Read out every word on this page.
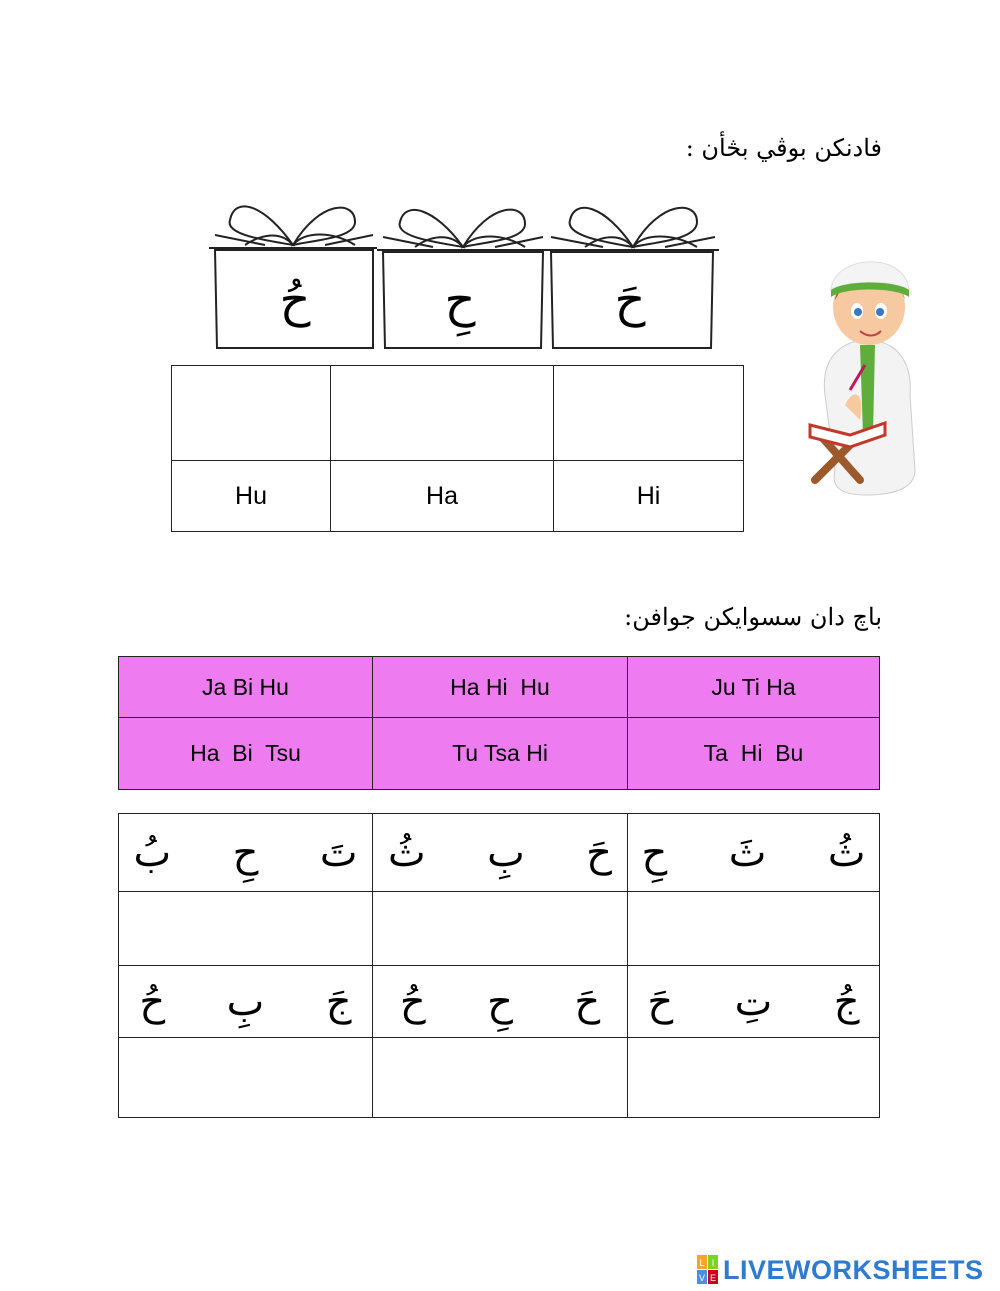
فادنکن بوڤي بڅأن :
حُ	حِ	حَ

Hu	Ha	Hi
باچ دان سسوايکن جوافن:
Ja Bi Hu	Ha Hi  Hu	Ju Ti Ha
Ha  Bi  Tsu	Tu Tsa Hi	Ta  Hi  Bu
تَ  حِ  بُ	حَ  بِ  ثُ	ثُ  ثَ  حِ

جَ  بِ  حُ	حَ  حِ  حُ	جُ  تِ  حَ

L I
V E LIVEWORKSHEETS
